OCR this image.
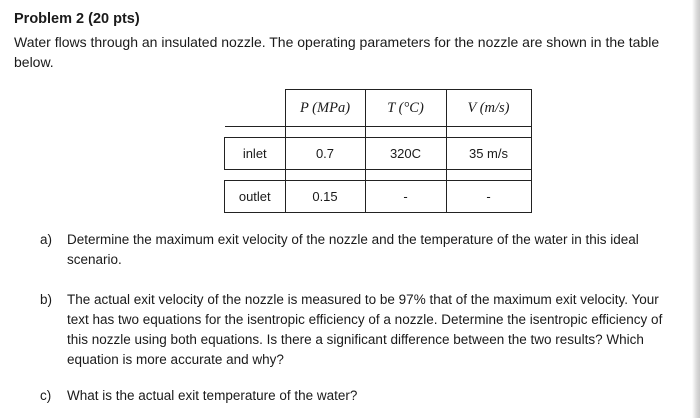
Problem 2 (20 pts)
Water flows through an insulated nozzle. The operating parameters for the nozzle are shown in the table below.
	P (MPa)	T (°C)	V (m/s)

inlet	0.7	320C	35 m/s

outlet	0.15	-	-
a) Determine the maximum exit velocity of the nozzle and the temperature of the water in this ideal scenario.
b) The actual exit velocity of the nozzle is measured to be 97% that of the maximum exit velocity. Your text has two equations for the isentropic efficiency of a nozzle. Determine the isentropic efficiency of this nozzle using both equations. Is there a significant difference between the two results? Which equation is more accurate and why?
c) What is the actual exit temperature of the water?
